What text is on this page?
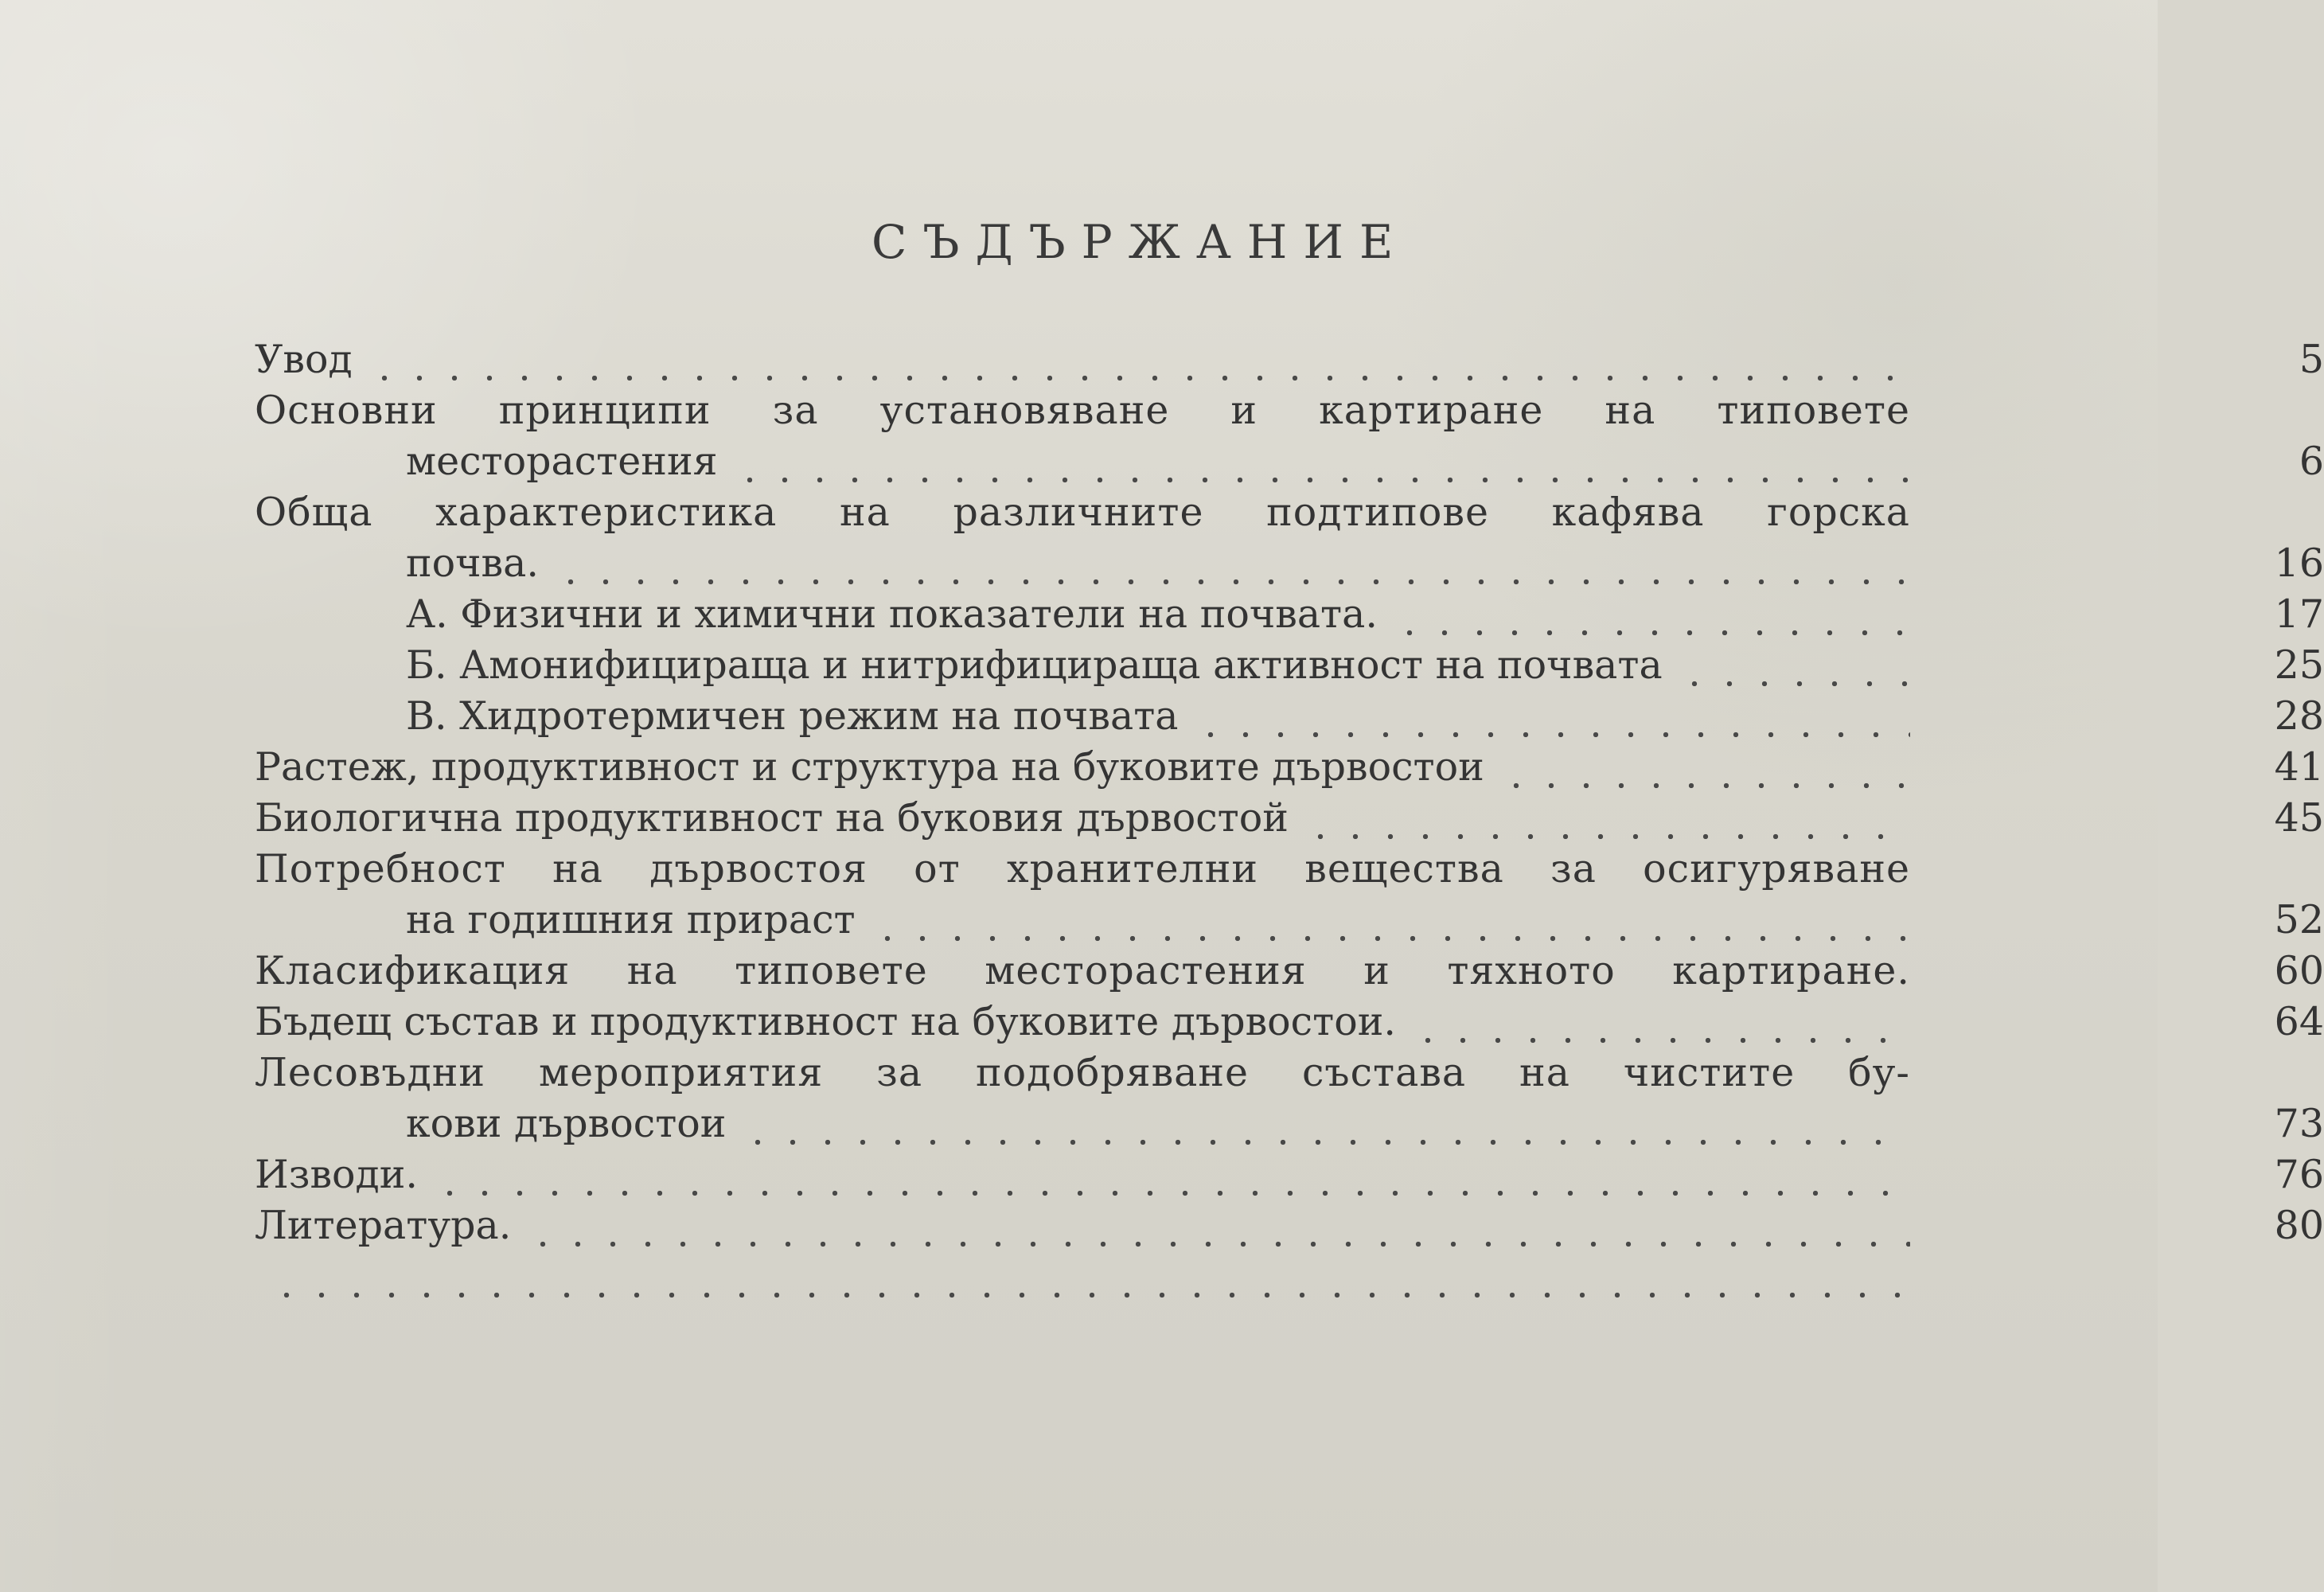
СЪДЪРЖАНИЕ
Увод
Основни принципи за установяване и картиране на типовете
месторастения
Обща характеристика на различните подтипове кафява горска
почва.
А. Физични и химични показатели на почвата.
Б. Амонифицираща и нитрифицираща активност на почвата
В. Хидротермичен режим на почвата
Растеж, продуктивност и структура на буковите дървостои
Биологична продуктивност на буковия дървостой
Потребност на дървостоя от хранителни вещества за осигуряване
на годишния прираст
Класификация на типовете месторастения и тяхното картиране.
Бъдещ състав и продуктивност на буковите дървостои.
Лесовъдни мероприятия за подобряване състава на чистите бу-
кови дървостои
Изводи.
Литература.
5
6
16
17
25
28
41
45
52
60
64
73
76
80
